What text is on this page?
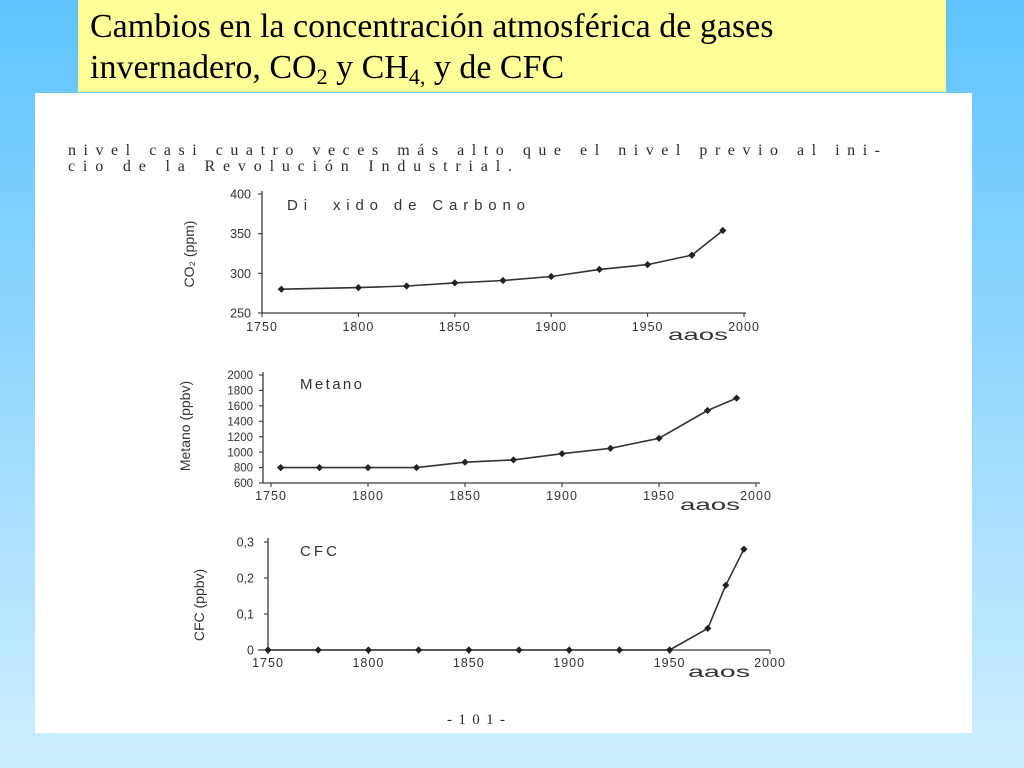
Cambios en la concentración atmosférica de gases
invernadero, $CO_2$ y $CH_{4,}$ y de CFC
nivel casi cuatro veces más alto que el nivel previo al ini-
cio de la Revolución Industrial.
-101-
400
350
300
250
1750	1800	1850	1900	1950	2000
Di  xido de Carbono
aaos
CO₂ (ppm)
2000
1800
1600
1400
1200
1000
800
600
1750	1800	1850	1900	1950	2000
Metano
aaos
Metano (ppbv)
0,3
0,2
0,1
0
1750	1800	1850	1900	1950	2000
CFC
aaos
CFC (ppbv)
